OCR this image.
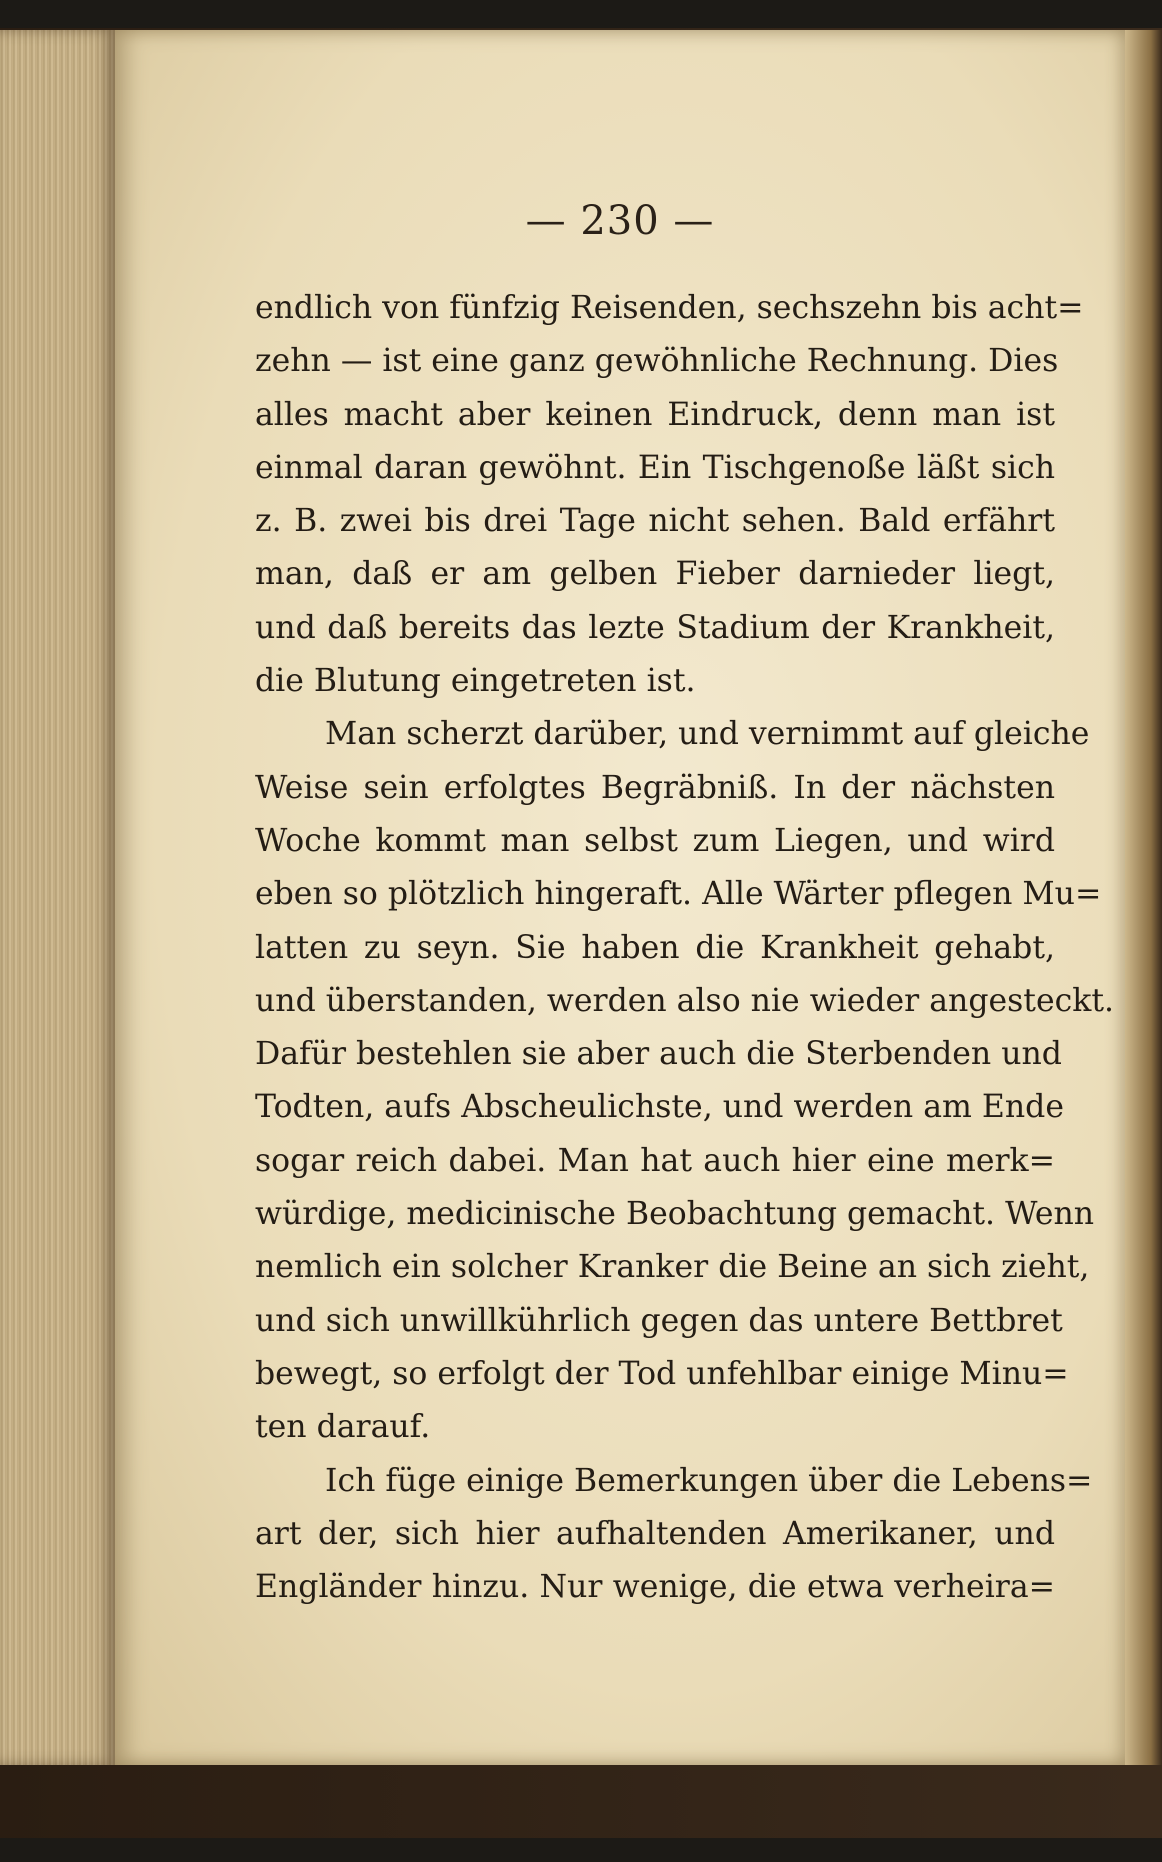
— 230 —
endlich von fünfzig Reisenden, sechszehn bis acht=
zehn — ist eine ganz gewöhnliche Rechnung. Dies
alles macht aber keinen Eindruck, denn man ist
einmal daran gewöhnt. Ein Tischgenoße läßt sich
z. B. zwei bis drei Tage nicht sehen. Bald erfährt
man, daß er am gelben Fieber darnieder liegt,
und daß bereits das lezte Stadium der Krankheit,
die Blutung eingetreten ist.
Man scherzt darüber, und vernimmt auf gleiche
Weise sein erfolgtes Begräbniß. In der nächsten
Woche kommt man selbst zum Liegen, und wird
eben so plötzlich hingeraft. Alle Wärter pflegen Mu=
latten zu seyn. Sie haben die Krankheit gehabt,
und überstanden, werden also nie wieder angesteckt.
Dafür bestehlen sie aber auch die Sterbenden und
Todten, aufs Abscheulichste, und werden am Ende
sogar reich dabei. Man hat auch hier eine merk=
würdige, medicinische Beobachtung gemacht. Wenn
nemlich ein solcher Kranker die Beine an sich zieht,
und sich unwillkührlich gegen das untere Bettbret
bewegt, so erfolgt der Tod unfehlbar einige Minu=
ten darauf.
Ich füge einige Bemerkungen über die Lebens=
art der, sich hier aufhaltenden Amerikaner, und
Engländer hinzu. Nur wenige, die etwa verheira=
